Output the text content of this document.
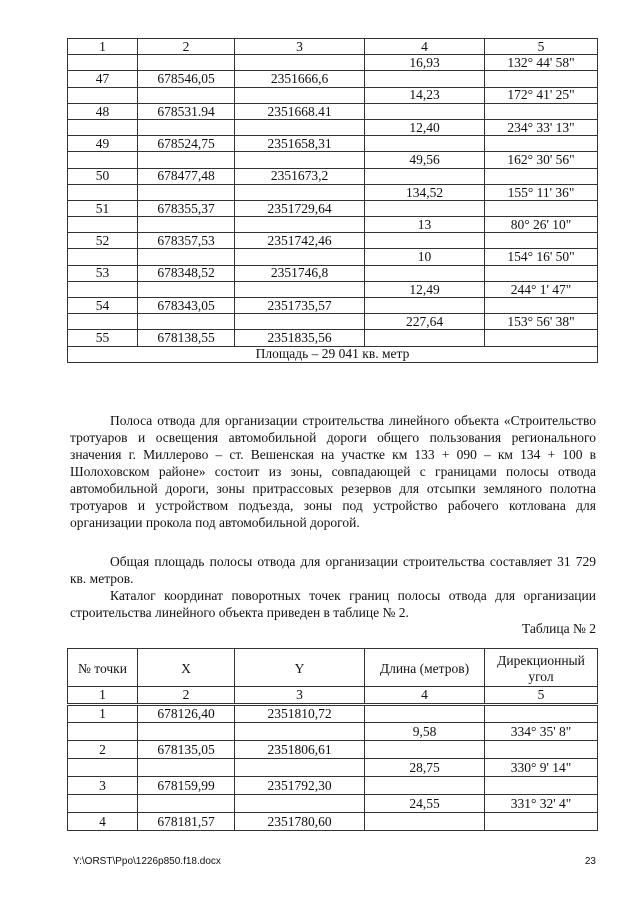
1	2	3	4	5
			16,93	132° 44' 58"
47	678546,05	2351666,6		
			14,23	172° 41' 25"
48	678531.94	2351668.41		
			12,40	234° 33' 13"
49	678524,75	2351658,31		
			49,56	162° 30' 56"
50	678477,48	2351673,2		
			134,52	155° 11' 36"
51	678355,37	2351729,64		
			13	80° 26' 10"
52	678357,53	2351742,46		
			10	154° 16' 50"
53	678348,52	2351746,8		
			12,49	244° 1' 47"
54	678343,05	2351735,57		
			227,64	153° 56' 38"
55	678138,55	2351835,56		
Площадь – 29 041 кв. метр				

Полоса отвода для организации строительства линейного объекта «Строительство тротуаров и освещения автомобильной дороги общего пользования регионального значения г. Миллерово – ст. Вешенская на участке км 133 + 090 – км 134 + 100 в Шолоховском районе» состоит из зоны, совпадающей с границами полосы отвода автомобильной дороги, зоны притрассовых резервов для отсыпки земляного полотна тротуаров и устройством подъезда, зоны под устройство рабочего котлована для организации прокола под автомобильной дорогой.

Общая площадь полосы отвода для организации строительства составляет 31 729 кв. метров.

Каталог координат поворотных точек границ полосы отвода для организации строительства линейного объекта приведен в таблице № 2.

Таблица № 2
№ точки	X	Y	Длина (метров)	Дирекционный угол
1	2	3	4	5
1	678126,40	2351810,72		
			9,58	334° 35' 8"
2	678135,05	2351806,61		
			28,75	330° 9' 14"
3	678159,99	2351792,30		
			24,55	331° 32' 4"
4	678181,57	2351780,60		
Y:\ORST\Ppo\1226p850.f18.docx	23
